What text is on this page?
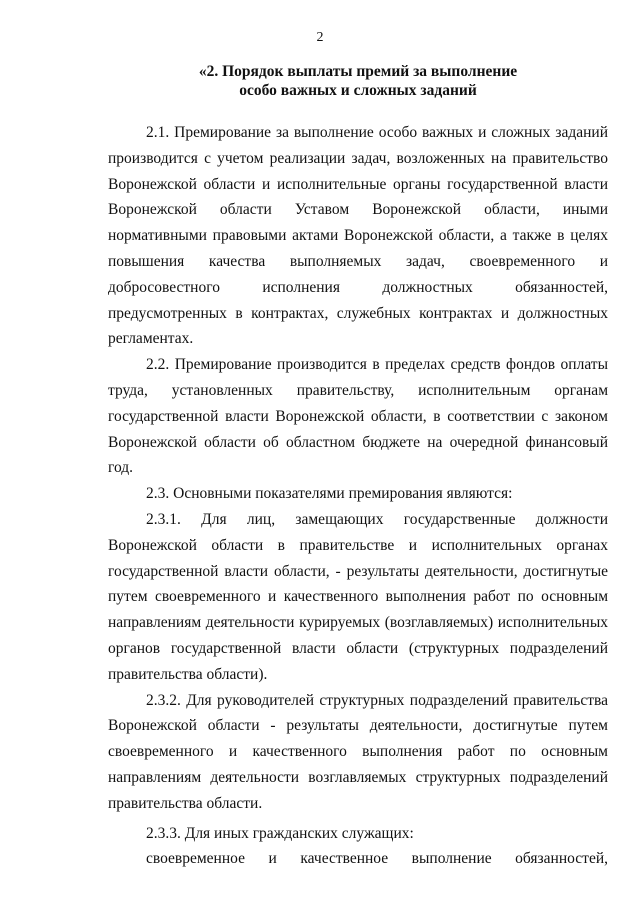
2
«2. Порядок выплаты премий за выполнение
особо важных и сложных заданий

2.1. Премирование за выполнение особо важных и сложных заданий производится с учетом реализации задач, возложенных на правительство Воронежской области и исполнительные органы государственной власти Воронежской области Уставом Воронежской области, иными нормативными правовыми актами Воронежской области, а также в целях повышения качества выполняемых задач, своевременного и добросовестного исполнения должностных обязанностей, предусмотренных в контрактах, служебных контрактах и должностных регламентах.

2.2. Премирование производится в пределах средств фондов оплаты труда, установленных правительству, исполнительным органам государственной власти Воронежской области, в соответствии с законом Воронежской области об областном бюджете на очередной финансовый год.

2.3. Основными показателями премирования являются:

2.3.1. Для лиц, замещающих государственные должности Воронежской области в правительстве и исполнительных органах государственной власти области, - результаты деятельности, достигнутые путем своевременного и качественного выполнения работ по основным направлениям деятельности курируемых (возглавляемых) исполнительных органов государственной власти области (структурных подразделений правительства области).

2.3.2. Для руководителей структурных подразделений правительства Воронежской области - результаты деятельности, достигнутые путем своевременного и качественного выполнения работ по основным направлениям деятельности возглавляемых структурных подразделений правительства области.

2.3.3. Для иных гражданских служащих:

своевременное и качественное выполнение обязанностей,
